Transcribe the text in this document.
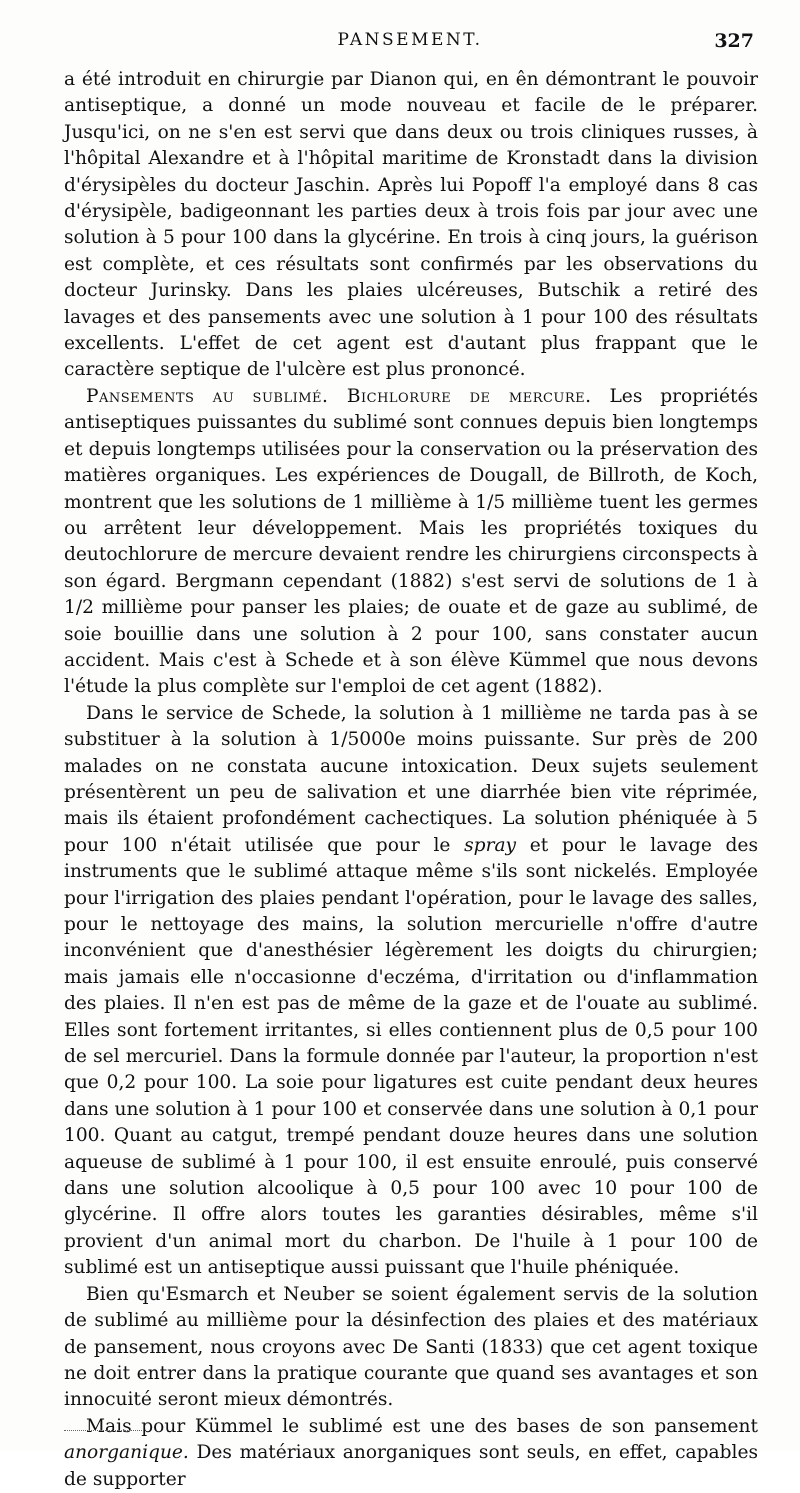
PANSEMENT.	327

a été introduit en chirurgie par Dianon qui, en ên démontrant le pouvoir antiseptique, a donné un mode nouveau et facile de le préparer. Jusqu'ici, on ne s'en est servi que dans deux ou trois cliniques russes, à l'hôpital Alexandre et à l'hôpital maritime de Kronstadt dans la division d'érysipèles du docteur Jaschin. Après lui Popoff l'a employé dans 8 cas d'érysipèle, badigeonnant les parties deux à trois fois par jour avec une solution à 5 pour 100 dans la glycérine. En trois à cinq jours, la guérison est complète, et ces résultats sont confirmés par les observations du docteur Jurinsky. Dans les plaies ulcéreuses, Butschik a retiré des lavages et des pansements avec une solution à 1 pour 100 des résultats excellents. L'effet de cet agent est d'autant plus frappant que le caractère septique de l'ulcère est plus prononcé.

Pansements au sublimé. Bichlorure de mercure. Les propriétés antiseptiques puissantes du sublimé sont connues depuis bien longtemps et depuis longtemps utilisées pour la conservation ou la préservation des matières organiques. Les expériences de Dougall, de Billroth, de Koch, montrent que les solutions de 1 millième à 1/5 millième tuent les germes ou arrêtent leur développement. Mais les propriétés toxiques du deutochlorure de mercure devaient rendre les chirurgiens circonspects à son égard. Bergmann cependant (1882) s'est servi de solutions de 1 à 1/2 millième pour panser les plaies; de ouate et de gaze au sublimé, de soie bouillie dans une solution à 2 pour 100, sans constater aucun accident. Mais c'est à Schede et à son élève Kümmel que nous devons l'étude la plus complète sur l'emploi de cet agent (1882).

Dans le service de Schede, la solution à 1 millième ne tarda pas à se substituer à la solution à 1/5000e moins puissante. Sur près de 200 malades on ne constata aucune intoxication. Deux sujets seulement présentèrent un peu de salivation et une diarrhée bien vite réprimée, mais ils étaient profondément cachectiques. La solution phéniquée à 5 pour 100 n'était utilisée que pour le spray et pour le lavage des instruments que le sublimé attaque même s'ils sont nickelés. Employée pour l'irrigation des plaies pendant l'opération, pour le lavage des salles, pour le nettoyage des mains, la solution mercurielle n'offre d'autre inconvénient que d'anesthésier légèrement les doigts du chirurgien; mais jamais elle n'occasionne d'eczéma, d'irritation ou d'inflammation des plaies. Il n'en est pas de même de la gaze et de l'ouate au sublimé. Elles sont fortement irritantes, si elles contiennent plus de 0,5 pour 100 de sel mercuriel. Dans la formule donnée par l'auteur, la proportion n'est que 0,2 pour 100. La soie pour ligatures est cuite pendant deux heures dans une solution à 1 pour 100 et conservée dans une solution à 0,1 pour 100. Quant au catgut, trempé pendant douze heures dans une solution aqueuse de sublimé à 1 pour 100, il est ensuite enroulé, puis conservé dans une solution alcoolique à 0,5 pour 100 avec 10 pour 100 de glycérine. Il offre alors toutes les garanties désirables, même s'il provient d'un animal mort du charbon. De l'huile à 1 pour 100 de sublimé est un antiseptique aussi puissant que l'huile phéniquée.

Bien qu'Esmarch et Neuber se soient également servis de la solution de sublimé au millième pour la désinfection des plaies et des matériaux de pansement, nous croyons avec De Santi (1833) que cet agent toxique ne doit entrer dans la pratique courante que quand ses avantages et son innocuité seront mieux démontrés.

Mais pour Kümmel le sublimé est une des bases de son pansement anorganique. Des matériaux anorganiques sont seuls, en effet, capables de supporter
